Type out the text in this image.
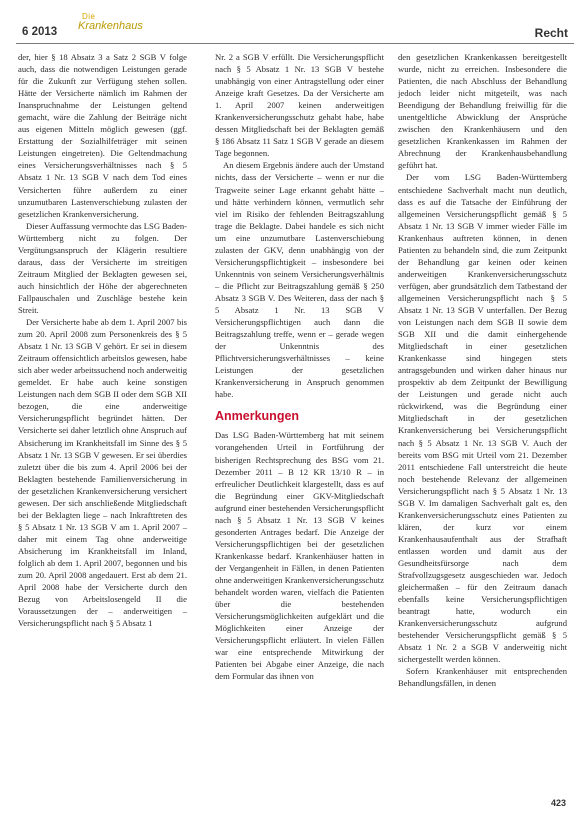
6 2013
Die
Krankenhaus	Recht

der, hier § 18 Absatz 3 a Satz 2 SGB V folge auch, dass die notwendigen Leistungen gerade für die Zukunft zur Verfügung stehen sollen. Hätte der Versicherte nämlich im Rahmen der Inanspruchnahme der Leistungen geltend gemacht, wäre die Zahlung der Beiträge nicht aus eigenen Mitteln möglich gewesen (ggf. Erstattung der Sozialhilfeträger mit seinen Leistungen eingetreten). Die Geltendmachung eines Versicherungsverhältnisses nach § 5 Absatz 1 Nr. 13 SGB V nach dem Tod eines Versicherten führe außerdem zu einer unzumutbaren Lastenverschiebung zulasten der gesetzlichen Krankenversicherung.

Dieser Auffassung vermochte das LSG Baden-Württemberg nicht zu folgen. Der Vergütungsanspruch der Klägerin resultiere daraus, dass der Versicherte im streitigen Zeitraum Mitglied der Beklagten gewesen sei, auch hinsichtlich der Höhe der abgerechneten Fallpauschalen und Zuschläge bestehe kein Streit.

Der Versicherte habe ab dem 1. April 2007 bis zum 20. April 2008 zum Personenkreis des § 5 Absatz 1 Nr. 13 SGB V gehört. Er sei in diesem Zeitraum offensichtlich arbeitslos gewesen, habe sich aber weder arbeitssuchend noch anderweitig gemeldet. Er habe auch keine sonstigen Leistungen nach dem SGB II oder dem SGB XII bezogen, die eine anderweitige Versicherungspflicht begründet hätten. Der Versicherte sei daher letztlich ohne Anspruch auf Absicherung im Krankheitsfall im Sinne des § 5 Absatz 1 Nr. 13 SGB V gewesen. Er sei überdies zuletzt über die bis zum 4. April 2006 bei der Beklagten bestehende Familienversicherung in der gesetzlichen Krankenversicherung versichert gewesen. Der sich anschließende Mitgliedschaft bei der Beklagten liege – nach Inkrafttreten des § 5 Absatz 1 Nr. 13 SGB V am 1. April 2007 – daher mit einem Tag ohne anderweitige Absicherung im Krankheitsfall im Inland, folglich ab dem 1. April 2007, begonnen und bis zum 20. April 2008 angedauert. Erst ab dem 21. April 2008 habe der Versicherte durch den Bezug von Arbeitslosengeld II die Voraussetzungen der – anderweitigen – Versicherungspflicht nach § 5 Absatz 1

Nr. 2 a SGB V erfüllt. Die Versicherungspflicht nach § 5 Absatz 1 Nr. 13 SGB V bestehe unabhängig von einer Antragstellung oder einer Anzeige kraft Gesetzes. Da der Versicherte am 1. April 2007 keinen anderweitigen Krankenversicherungsschutz gehabt habe, habe dessen Mitgliedschaft bei der Beklagten gemäß § 186 Absatz 11 Satz 1 SGB V gerade an diesem Tage begonnen.

An diesem Ergebnis ändere auch der Umstand nichts, dass der Versicherte – wenn er nur die Tragweite seiner Lage erkannt gehabt hätte – und hätte verhindern können, vermutlich sehr viel im Risiko der fehlenden Beitragszahlung trage die Beklagte. Dabei handele es sich nicht um eine unzumutbare Lastenverschiebung zulasten der GKV, denn unabhängig von der Versicherungspflichtigkeit – insbesondere bei Unkenntnis von seinem Versicherungsverhältnis – die Pflicht zur Beitragszahlung gemäß § 250 Absatz 3 SGB V. Des Weiteren, dass der nach § 5 Absatz 1 Nr. 13 SGB V Versicherungspflichtigen auch dann die Beitragszahlung treffe, wenn er – gerade wegen der Unkenntnis des Pflichtversicherungsverhältnisses – keine Leistungen der gesetzlichen Krankenversicherung in Anspruch genommen habe.

Anmerkungen

Das LSG Baden-Württemberg hat mit seinem vorangehenden Urteil in Fortführung der bisherigen Rechtsprechung des BSG vom 21. Dezember 2011 – B 12 KR 13/10 R – in erfreulicher Deutlichkeit klargestellt, dass es auf die Begründung einer GKV-Mitgliedschaft aufgrund einer bestehenden Versicherungspflicht nach § 5 Absatz 1 Nr. 13 SGB V keines gesonderten Antrages bedarf. Die Anzeige der Versicherungspflichtigen bei der gesetzlichen Krankenkasse bedarf. Krankenhäuser hatten in der Vergangenheit in Fällen, in denen Patienten ohne anderweitigen Krankenversicherungsschutz behandelt worden waren, vielfach die Patienten über die bestehenden Versicherungsmöglichkeiten aufgeklärt und die Möglichkeiten einer Anzeige der Versicherungspflicht erläutert. In vielen Fällen war eine entsprechende Mitwirkung der Patienten bei Abgabe einer Anzeige, die nach dem Formular das ihnen von

den gesetzlichen Krankenkassen bereitgestellt wurde, nicht zu erreichen. Insbesondere die Patienten, die nach Abschluss der Behandlung jedoch leider nicht mitgeteilt, was nach Beendigung der Behandlung freiwillig für die unentgeltliche Abwicklung der Ansprüche zwischen den Krankenhäusern und den gesetzlichen Krankenkassen im Rahmen der Abrechnung der Krankenhausbehandlung geführt hat.

Der vom LSG Baden-Württemberg entschiedene Sachverhalt macht nun deutlich, dass es auf die Tatsache der Einführung der allgemeinen Versicherungspflicht gemäß § 5 Absatz 1 Nr. 13 SGB V immer wieder Fälle im Krankenhaus auftreten können, in denen Patienten zu behandeln sind, die zum Zeitpunkt der Behandlung gar keinen oder keinen anderweitigen Krankenversicherungsschutz verfügen, aber grundsätzlich dem Tatbestand der allgemeinen Versicherungspflicht nach § 5 Absatz 1 Nr. 13 SGB V unterfallen. Der Bezug von Leistungen nach dem SGB II sowie dem SGB XII und die damit einhergehende Mitgliedschaft in einer gesetzlichen Krankenkasse sind hingegen stets antragsgebunden und wirken daher hinaus nur prospektiv ab dem Zeitpunkt der Bewilligung der Leistungen und gerade nicht auch rückwirkend, was die Begründung einer Mitgliedschaft in der gesetzlichen Krankenversicherung bei Versicherungspflicht nach § 5 Absatz 1 Nr. 13 SGB V. Auch der bereits vom BSG mit Urteil vom 21. Dezember 2011 entschiedene Fall unterstreicht die heute noch bestehende Relevanz der allgemeinen Versicherungspflicht nach § 5 Absatz 1 Nr. 13 SGB V. Im damaligen Sachverhalt galt es, den Krankenversicherungsschutz eines Patienten zu klären, der kurz vor einem Krankenhausaufenthalt aus der Strafhaft entlassen worden und damit aus der Gesundheitsfürsorge nach dem Strafvollzugsgesetz ausgeschieden war. Jedoch gleichermaßen – für den Zeitraum danach ebenfalls keine Versicherungspflichtigen beantragt hatte, wodurch ein Krankenversicherungsschutz aufgrund bestehender Versicherungspflicht gemäß § 5 Absatz 1 Nr. 2 a SGB V anderweitig nicht sichergestellt werden können.

Sofern Krankenhäuser mit entsprechenden Behandlungsfällen, in denen

423
